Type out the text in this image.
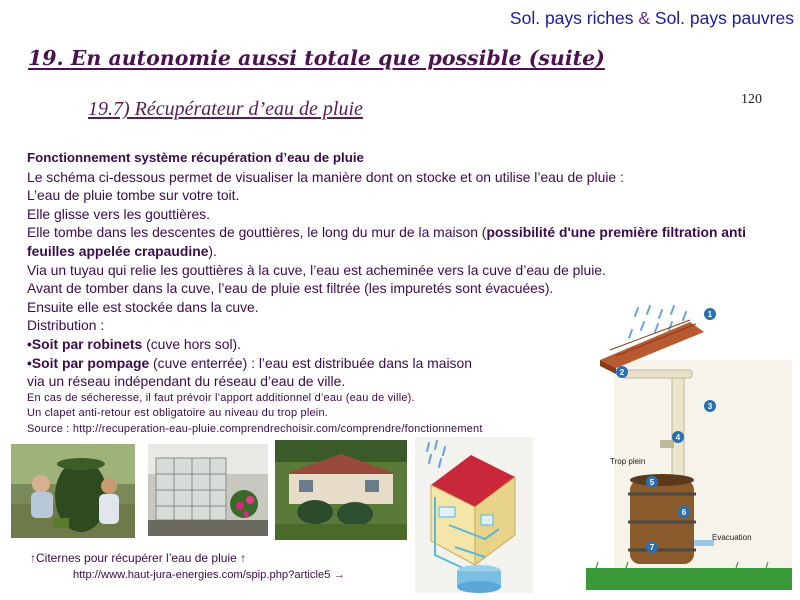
Sol. pays riches & Sol. pays pauvres
19. En autonomie aussi totale que possible (suite)
19.7) Récupérateur d’eau de pluie	120

Fonctionnement système récupération d’eau de pluie

Le schéma ci-dessous permet de visualiser la manière dont on stocke et on utilise l’eau de pluie :

L’eau de pluie tombe sur votre toit.

Elle glisse vers les gouttières.

Elle tombe dans les descentes de gouttières, le long du mur de la maison (possibilité d'une première filtration anti feuilles appelée crapaudine).

Via un tuyau qui relie les gouttières à la cuve, l’eau est acheminée vers la cuve d’eau de pluie.

Avant de tomber dans la cuve, l’eau de pluie est filtrée (les impuretés sont évacuées).

Ensuite elle est stockée dans la cuve.

Distribution :

•Soit par robinets (cuve hors sol).

•Soit par pompage (cuve enterrée) : l’eau est distribuée dans la maison

via un réseau indépendant du réseau d’eau de ville.

En cas de sécheresse, il faut prévoir l’apport additionnel d’eau (eau de ville).

Un clapet anti-retour est obligatoire au niveau du trop plein.

Source : http://recuperation-eau-pluie.comprendrechoisir.com/comprendre/fonctionnement

Trop plein
Evacuation
1
2
3
4
5
6
7
↑Citernes pour récupérer l’eau de pluie ↑
http://www.haut-jura-energies.com/spip.php?article5 →
